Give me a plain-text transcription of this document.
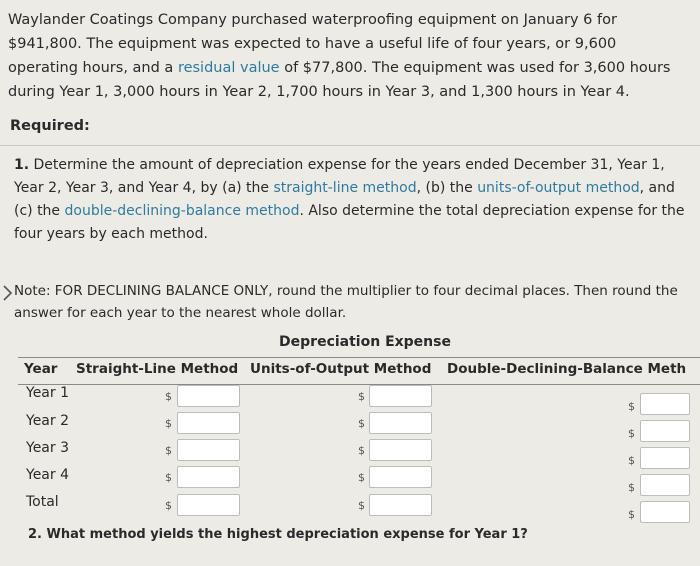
Waylander Coatings Company purchased waterproofing equipment on January 6 for $941,800. The equipment was expected to have a useful life of four years, or 9,600 operating hours, and a residual value of $77,800. The equipment was used for 3,600 hours during Year 1, 3,000 hours in Year 2, 1,700 hours in Year 3, and 1,300 hours in Year 4.
Required:
1. Determine the amount of depreciation expense for the years ended December 31, Year 1, Year 2, Year 3, and Year 4, by (a) the straight-line method, (b) the units-of-output method, and (c) the double-declining-balance method. Also determine the total depreciation expense for the four years by each method.
Note: FOR DECLINING BALANCE ONLY, round the multiplier to four decimal places. Then round the answer for each year to the nearest whole dollar.
Depreciation Expense
Year Straight-Line Method Units-of-Output Method Double-Declining-Balance Meth
Year 1
Year 2
Year 3
Year 4
Total
$
$
$
$
$
$
$
$
$
$
$
$
$
$
$
2. What method yields the highest depreciation expense for Year 1?
